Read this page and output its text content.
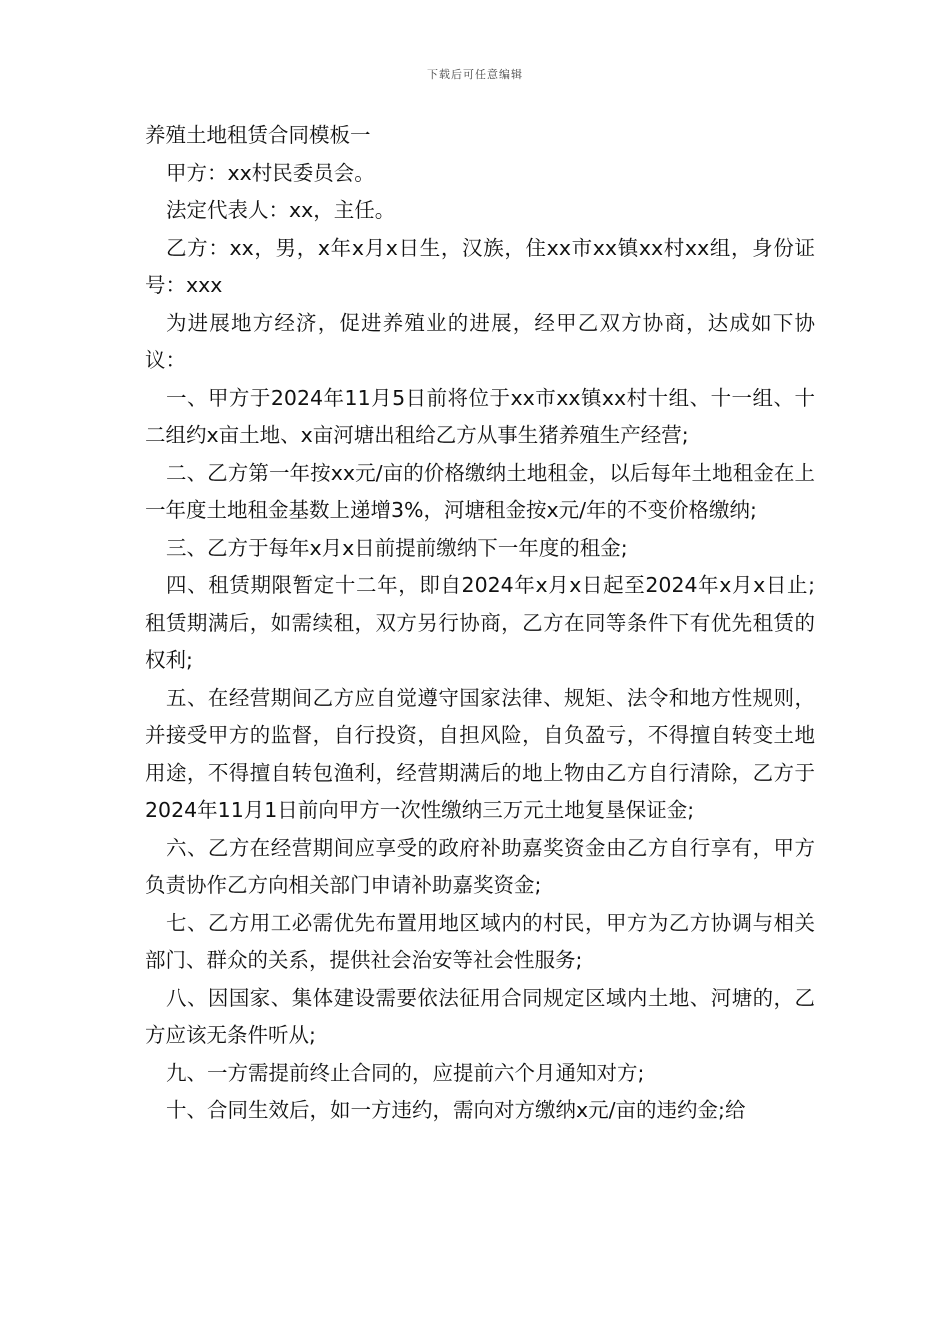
下载后可任意编辑
养殖土地租赁合同模板一

甲方：xx村民委员会。

法定代表人：xx，主任。

乙方：xx，男，x年x月x日生，汉族，住xx市xx镇xx村xx组，身份证号：xxx

为进展地方经济，促进养殖业的进展，经甲乙双方协商，达成如下协议：

一、甲方于2024年11月5日前将位于xx市xx镇xx村十组、十一组、十二组约x亩土地、x亩河塘出租给乙方从事生猪养殖生产经营;

二、乙方第一年按xx元/亩的价格缴纳土地租金，以后每年土地租金在上一年度土地租金基数上递增3%，河塘租金按x元/年的不变价格缴纳;

三、乙方于每年x月x日前提前缴纳下一年度的租金;

四、租赁期限暂定十二年，即自2024年x月x日起至2024年x月x日止;租赁期满后，如需续租，双方另行协商，乙方在同等条件下有优先租赁的权利;

五、在经营期间乙方应自觉遵守国家法律、规矩、法令和地方性规则，并接受甲方的监督，自行投资，自担风险，自负盈亏，不得擅自转变土地用途，不得擅自转包渔利，经营期满后的地上物由乙方自行清除，乙方于2024年11月1日前向甲方一次性缴纳三万元土地复垦保证金;

六、乙方在经营期间应享受的政府补助嘉奖资金由乙方自行享有，甲方负责协作乙方向相关部门申请补助嘉奖资金;

七、乙方用工必需优先布置用地区域内的村民，甲方为乙方协调与相关部门、群众的关系，提供社会治安等社会性服务;

八、因国家、集体建设需要依法征用合同规定区域内土地、河塘的，乙方应该无条件听从;

九、一方需提前终止合同的，应提前六个月通知对方;

十、合同生效后，如一方违约，需向对方缴纳x元/亩的违约金;给
